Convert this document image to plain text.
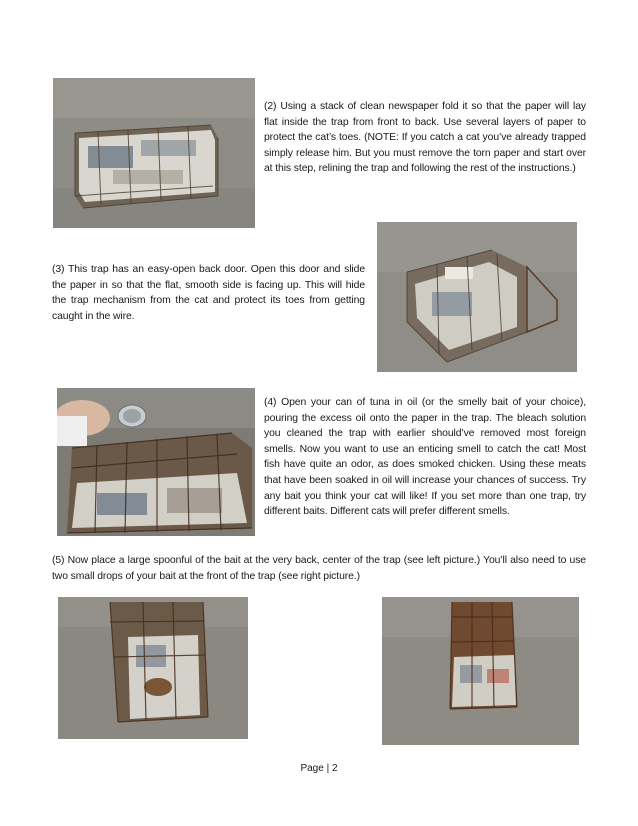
(2) Using a stack of clean newspaper fold it so that the paper will lay flat inside the trap from front to back. Use several layers of paper to protect the cat’s toes. (NOTE: If you catch a cat you’ve already trapped simply release him. But you must remove the torn paper and start over at this step, relining the trap and following the rest of the instructions.)

(3) This trap has an easy-open back door. Open this door and slide the paper in so that the flat, smooth side is facing up. This will hide the trap mechanism from the cat and protect its toes from getting caught in the wire.

(4) Open your can of tuna in oil (or the smelly bait of your choice), pouring the excess oil onto the paper in the trap. The bleach solution you cleaned the trap with earlier should’ve removed most foreign smells. Now you want to use an enticing smell to catch the cat! Most fish have quite an odor, as does smoked chicken. Using these meats that have been soaked in oil will increase your chances of success. Try any bait you think your cat will like! If you set more than one trap, try different baits. Different cats will prefer different smells.

(5) Now place a large spoonful of the bait at the very back, center of the trap (see left picture.) You’ll also need to use two small drops of your bait at the front of the trap (see right picture.)

Page | 2
